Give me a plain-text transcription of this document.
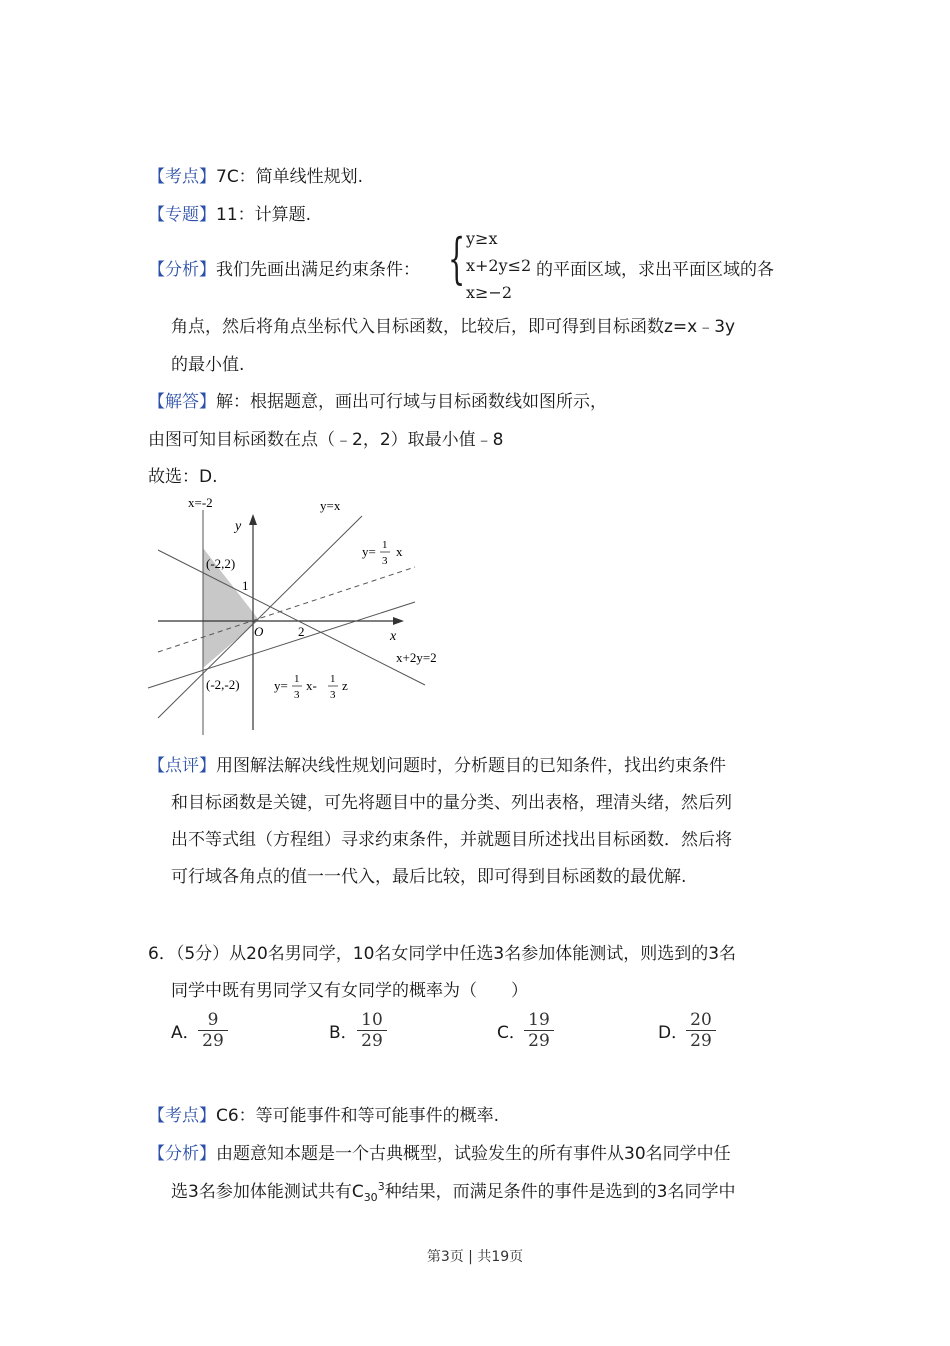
【考点】7C：简单线性规划.
【专题】11：计算题.
【分析】我们先画出满足约束条件： { y≥x
x+2y≤2
x≥−2
的平面区域，求出平面区域的各
角点，然后将角点坐标代入目标函数，比较后，即可得到目标函数z=x﹣3y
的最小值.
【解答】解：根据题意，画出可行域与目标函数线如图所示，
由图可知目标函数在点（﹣2，2）取最小值﹣8
故选：D.
x=-2	y=x
y
y= 1
3
x
(-2,2)
1
O	2	x
x+2y=2
(-2,-2)	y= 1
3
x- 1
3
z
【点评】用图解法解决线性规划问题时，分析题目的已知条件，找出约束条件
和目标函数是关键，可先将题目中的量分类、列出表格，理清头绪，然后列
出不等式组（方程组）寻求约束条件，并就题目所述找出目标函数．然后将
可行域各角点的值一一代入，最后比较，即可得到目标函数的最优解.
6．（5分）从20名男同学，10名女同学中任选3名参加体能测试，则选到的3名
同学中既有男同学又有女同学的概率为（　　）
A．
$\frac{9}{29}$	B． $\frac{10}{29}$	C．
$\frac{19}{29}$	D．
$\frac{20}{29}$
【考点】C6：等可能事件和等可能事件的概率.
【分析】由题意知本题是一个古典概型，试验发生的所有事件从30名同学中任
选3名参加体能测试共有$C_{30}^3$种结果，而满足条件的事件是选到的3名同学中
第3页 | 共19页
